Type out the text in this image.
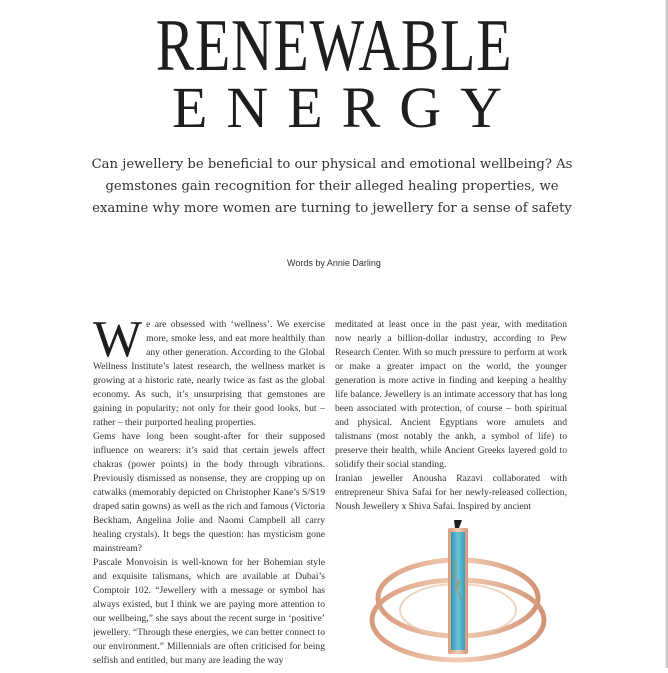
RENEWABLE
E N E R G Y
Can jewellery be beneficial to our physical and emotional wellbeing? As gemstones gain recognition for their alleged healing properties, we examine why more women are turning to jewellery for a sense of safety
Words by Annie Darling
W e are obsessed with ‘wellness’. We exercise more, smoke less, and eat more healthily than any other generation. According to the Global Wellness Institute’s latest research, the wellness market is growing at a historic rate, nearly twice as fast as the global economy. As such, it’s unsurprising that gemstones are gaining in popularity; not only for their good looks, but – rather – their purported healing properties.

Gems have long been sought-after for their supposed influence on wearers: it’s said that certain jewels affect chakras (power points) in the body through vibrations. Previously dismissed as nonsense, they are cropping up on catwalks (memorably depicted on Christopher Kane’s S/S19 draped satin gowns) as well as the rich and famous (Victoria Beckham, Angelina Jolie and Naomi Campbell all carry healing crystals). It begs the question: has mysticism gone mainstream?

Pascale Monvoisin is well-known for her Bohemian style and exquisite talismans, which are available at Dubai’s Comptoir 102. “Jewellery with a message or symbol has always existed, but I think we are paying more attention to our wellbeing,” she says about the recent surge in ‘positive’ jewellery. “Through these energies, we can better connect to our environment.” Millennials are often criticised for being selfish and entitled, but many are leading the way

meditated at least once in the past year, with meditation now nearly a billion-dollar industry, according to Pew Research Center. With so much pressure to perform at work or make a greater impact on the world, the younger generation is more active in finding and keeping a healthy life balance. Jewellery is an intimate accessory that has long been associated with protection, of course – both spiritual and physical. Ancient Egyptians wore amulets and talismans (most notably the ankh, a symbol of life) to preserve their health, while Ancient Greeks layered gold to solidify their social standing.

Iranian jeweller Anousha Razavi collaborated with entrepreneur Shiva Safai for her newly-released collection, Noush Jewellery x Shiva Safai. Inspired by ancient
